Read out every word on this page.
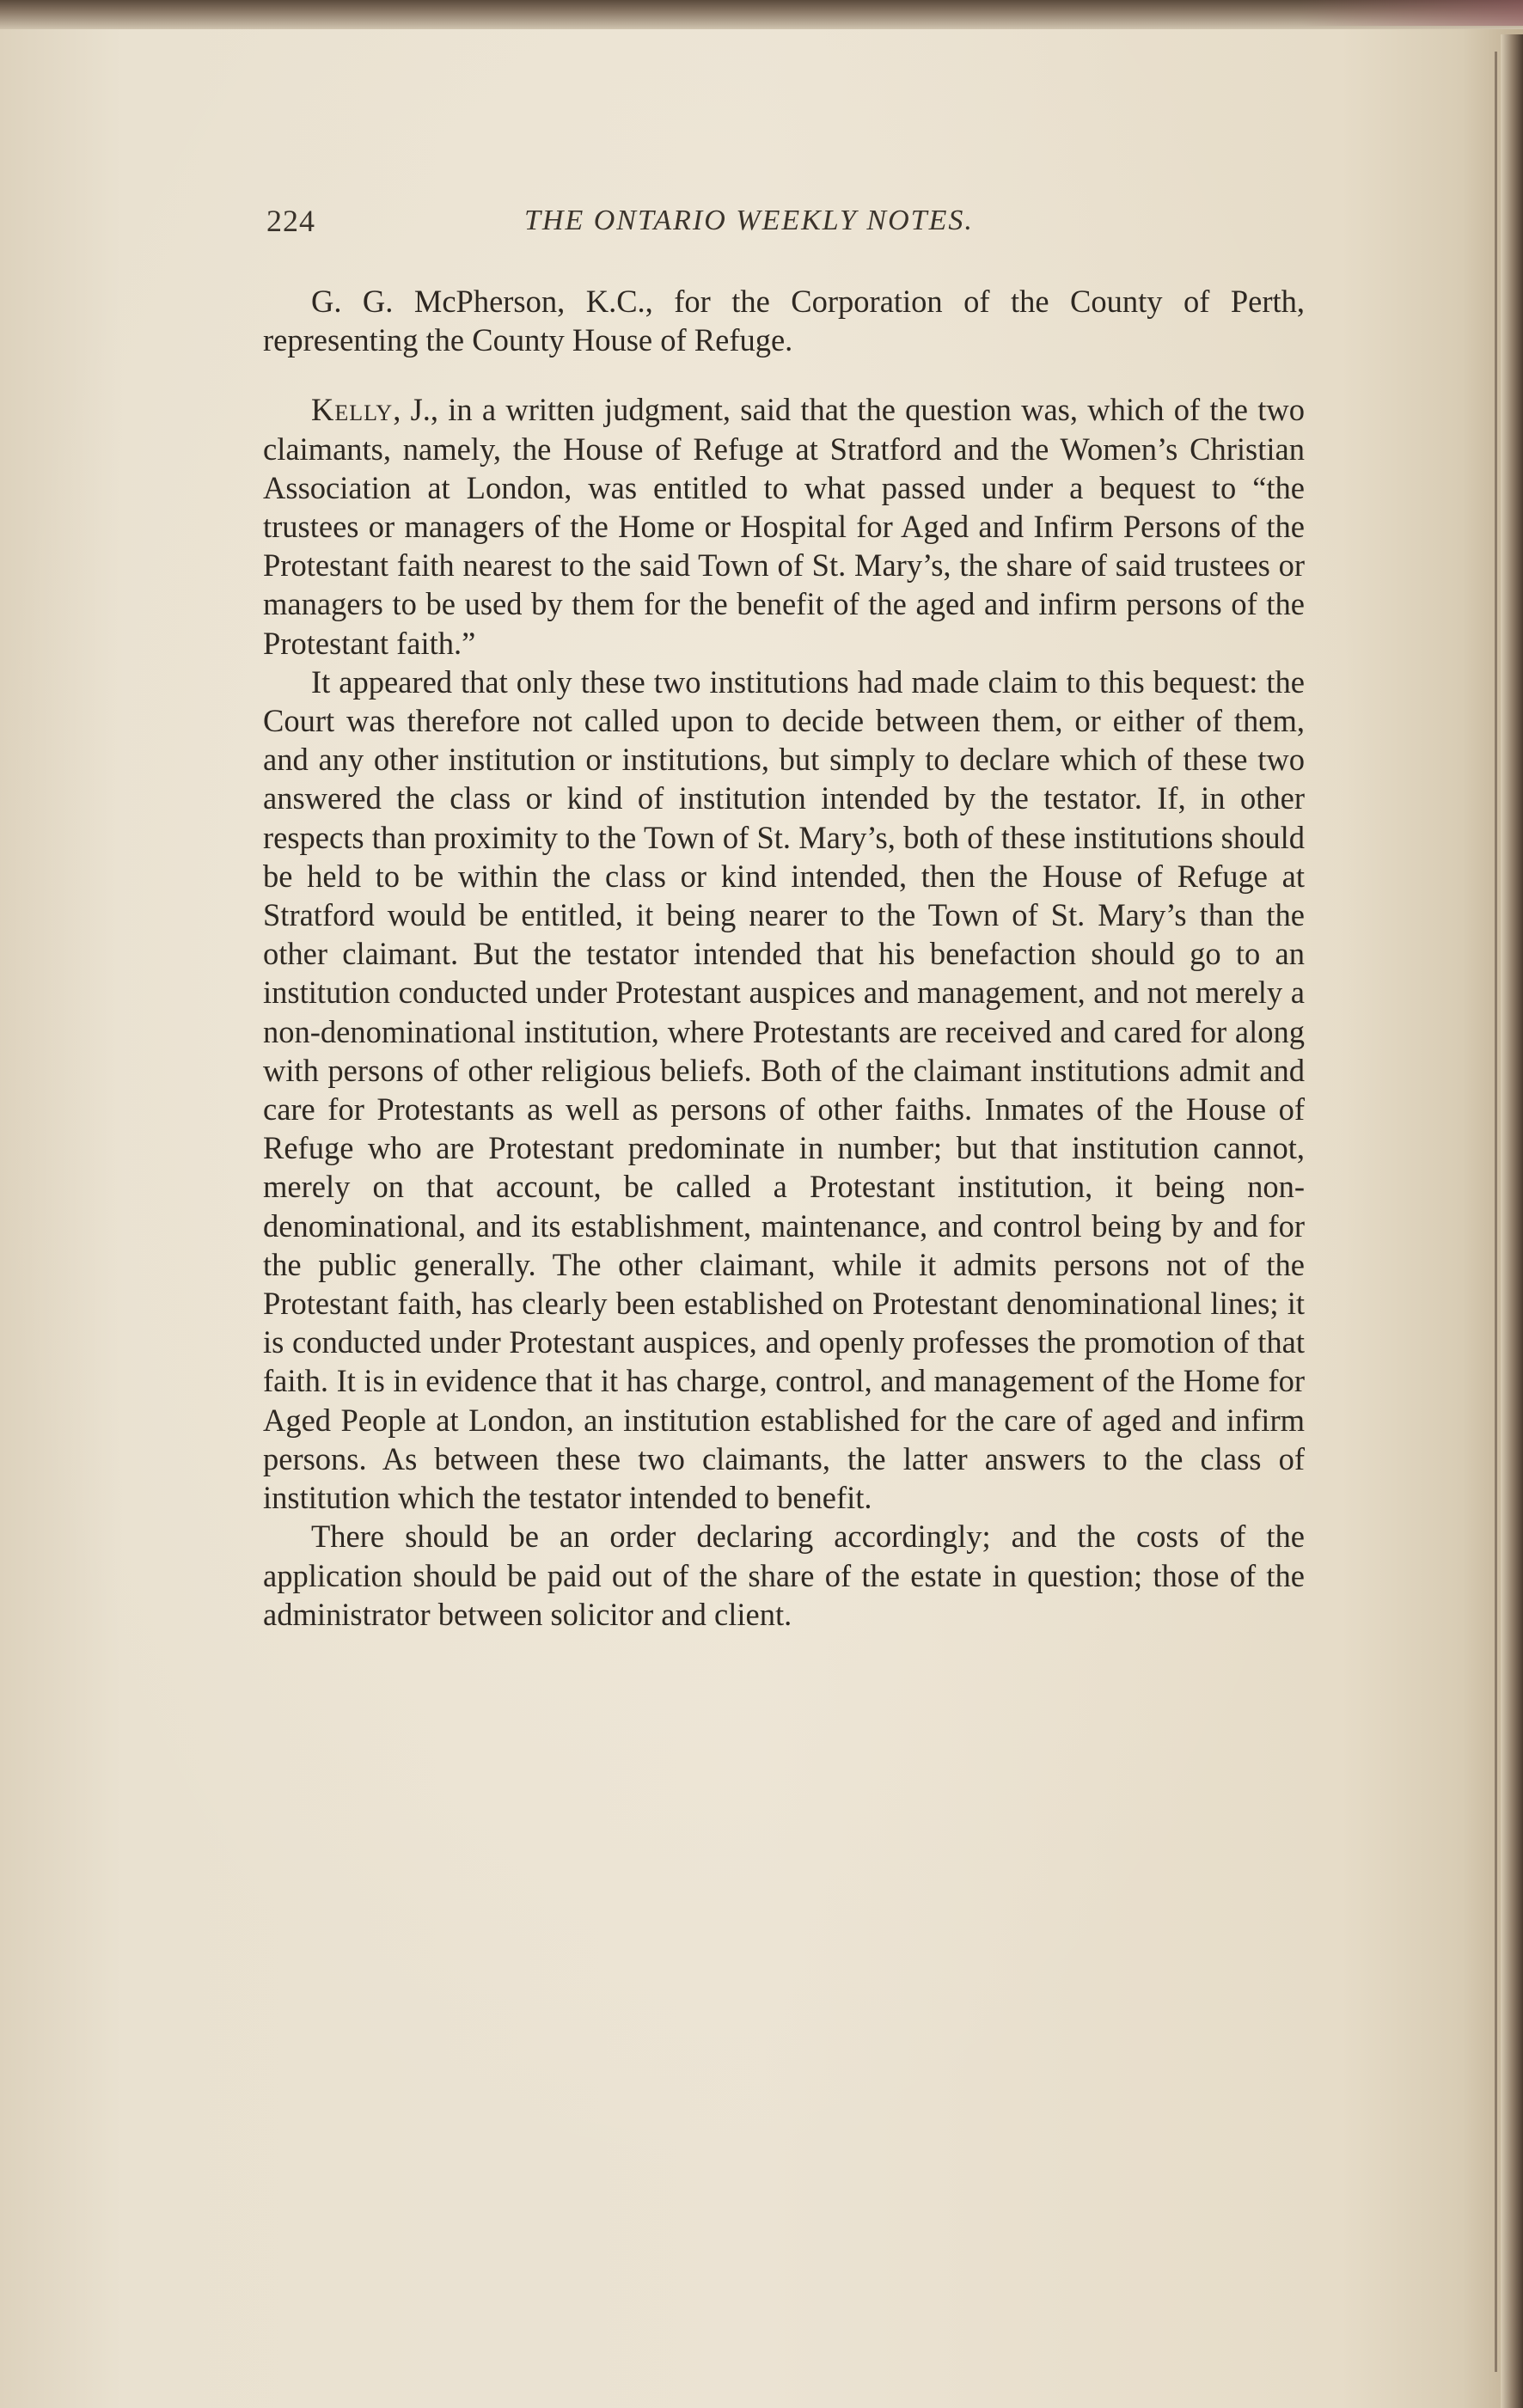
224	THE ONTARIO WEEKLY NOTES.

G. G. McPherson, K.C., for the Corporation of the County of Perth, representing the County House of Refuge.

Kelly, J., in a written judgment, said that the question was, which of the two claimants, namely, the House of Refuge at Stratford and the Women’s Christian Association at London, was entitled to what passed under a bequest to “the trustees or managers of the Home or Hospital for Aged and Infirm Persons of the Protestant faith nearest to the said Town of St. Mary’s, the share of said trustees or managers to be used by them for the benefit of the aged and infirm persons of the Protestant faith.”

It appeared that only these two institutions had made claim to this bequest: the Court was therefore not called upon to decide between them, or either of them, and any other institution or institutions, but simply to declare which of these two answered the class or kind of institution intended by the testator. If, in other respects than proximity to the Town of St. Mary’s, both of these institutions should be held to be within the class or kind intended, then the House of Refuge at Stratford would be entitled, it being nearer to the Town of St. Mary’s than the other claimant. But the testator intended that his benefaction should go to an institution conducted under Protestant auspices and management, and not merely a non-denominational institution, where Protestants are received and cared for along with persons of other religious beliefs. Both of the claimant institutions admit and care for Protestants as well as persons of other faiths. Inmates of the House of Refuge who are Protestant predominate in number; but that institution cannot, merely on that account, be called a Protestant institution, it being non-denominational, and its establishment, maintenance, and control being by and for the public generally. The other claimant, while it admits persons not of the Protestant faith, has clearly been established on Protestant denominational lines; it is conducted under Protestant auspices, and openly professes the promotion of that faith. It is in evidence that it has charge, control, and management of the Home for Aged People at London, an institution established for the care of aged and infirm persons. As between these two claimants, the latter answers to the class of institution which the testator intended to benefit.

There should be an order declaring accordingly; and the costs of the application should be paid out of the share of the estate in question; those of the administrator between solicitor and client.
